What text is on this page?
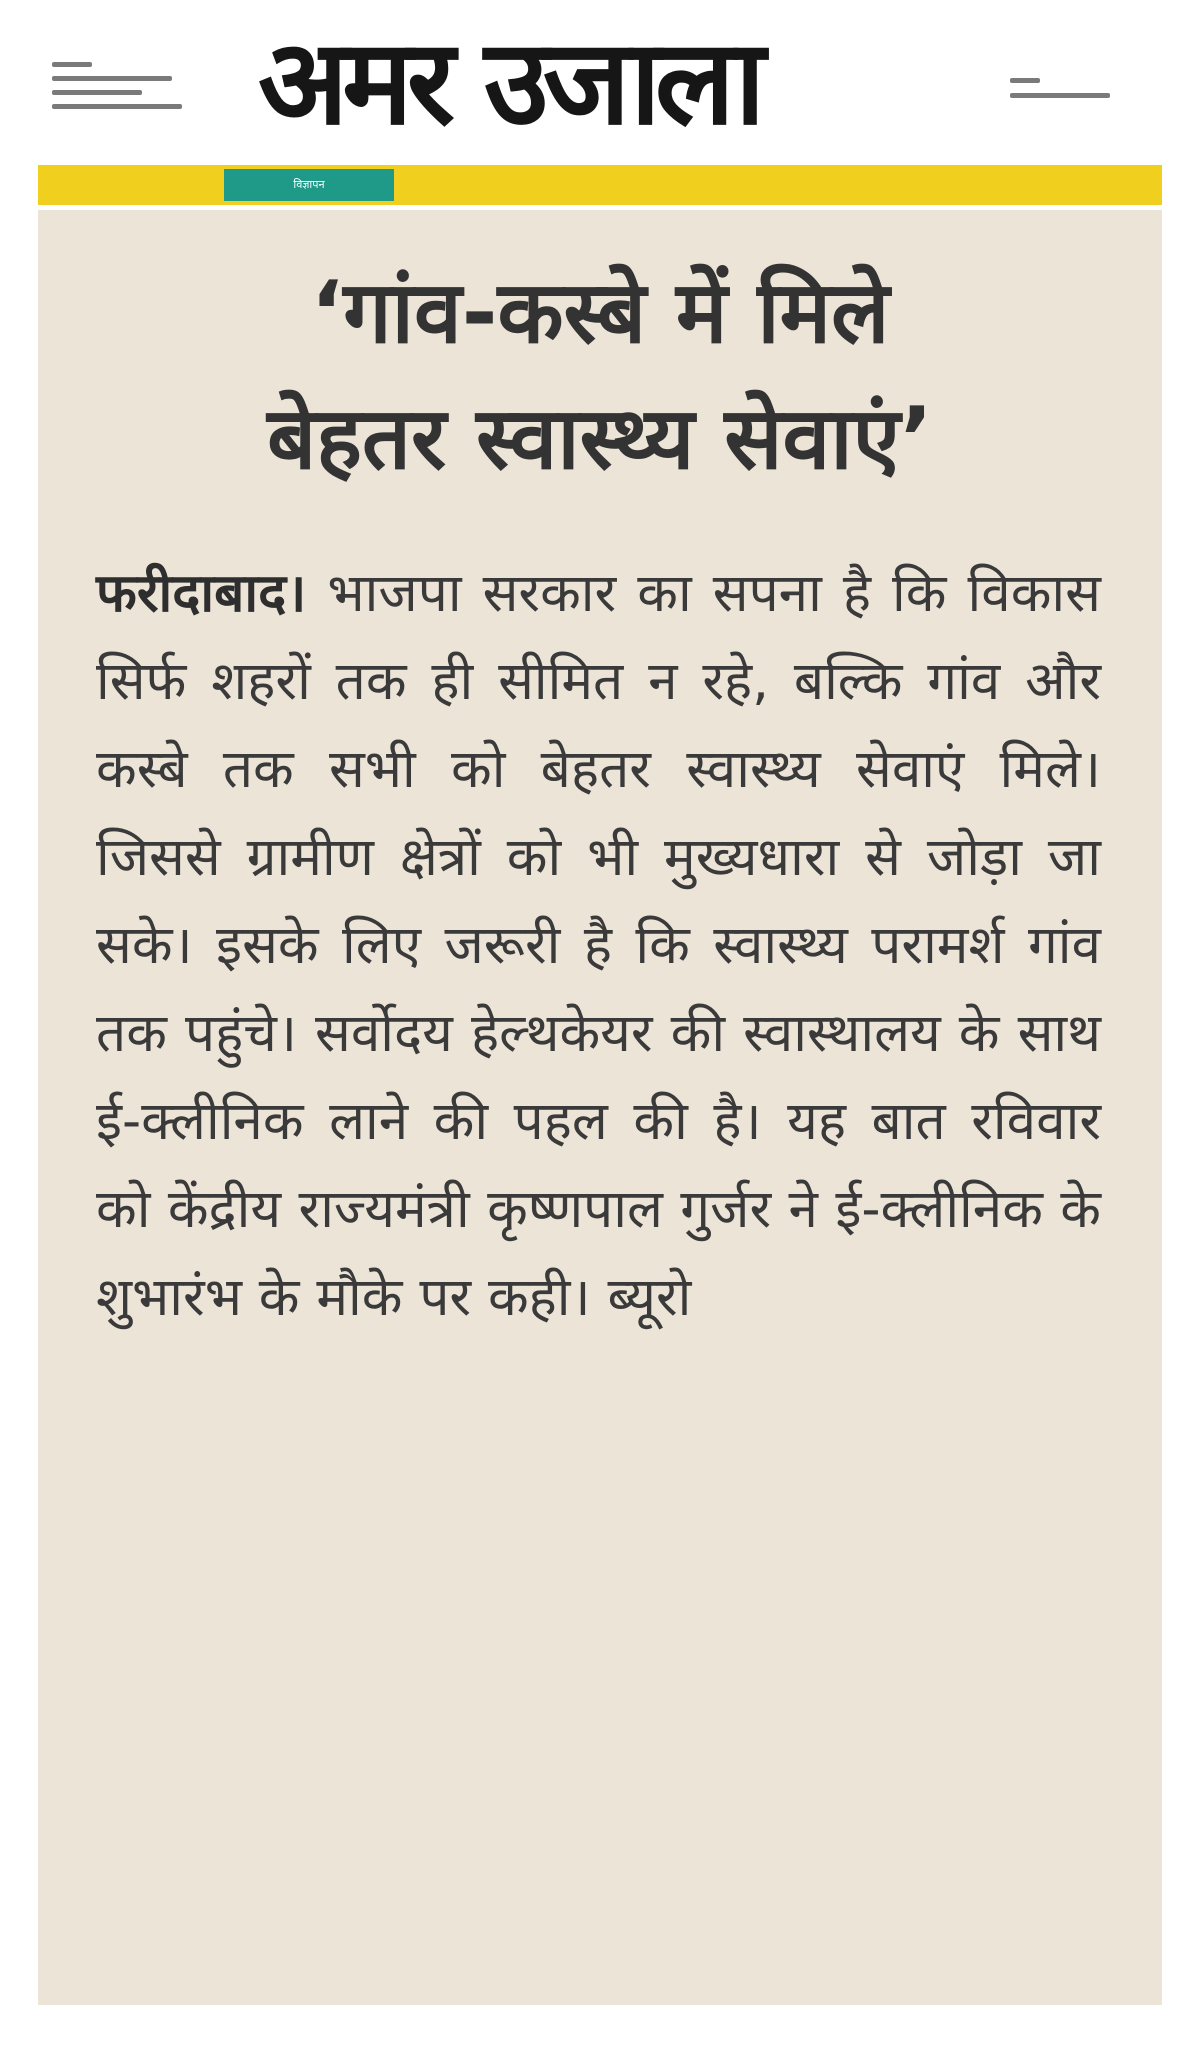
अमर उजाला
विज्ञापन
‘गांव-कस्बे में मिले
बेहतर स्वास्थ्य सेवाएं’

फरीदाबाद। भाजपा सरकार का सपना है कि विकास सिर्फ शहरों तक ही सीमित न रहे, बल्कि गांव और कस्बे तक सभी को बेहतर स्वास्थ्य सेवाएं मिले। जिससे ग्रामीण क्षेत्रों को भी मुख्यधारा से जोड़ा जा सके। इसके लिए जरूरी है कि स्वास्थ्य परामर्श गांव तक पहुंचे। सर्वोदय हेल्थकेयर की स्वास्थालय के साथ ई-क्लीनिक लाने की पहल की है। यह बात रविवार को केंद्रीय राज्यमंत्री कृष्णपाल गुर्जर ने ई-क्लीनिक के शुभारंभ के मौके पर कही। ब्यूरो
